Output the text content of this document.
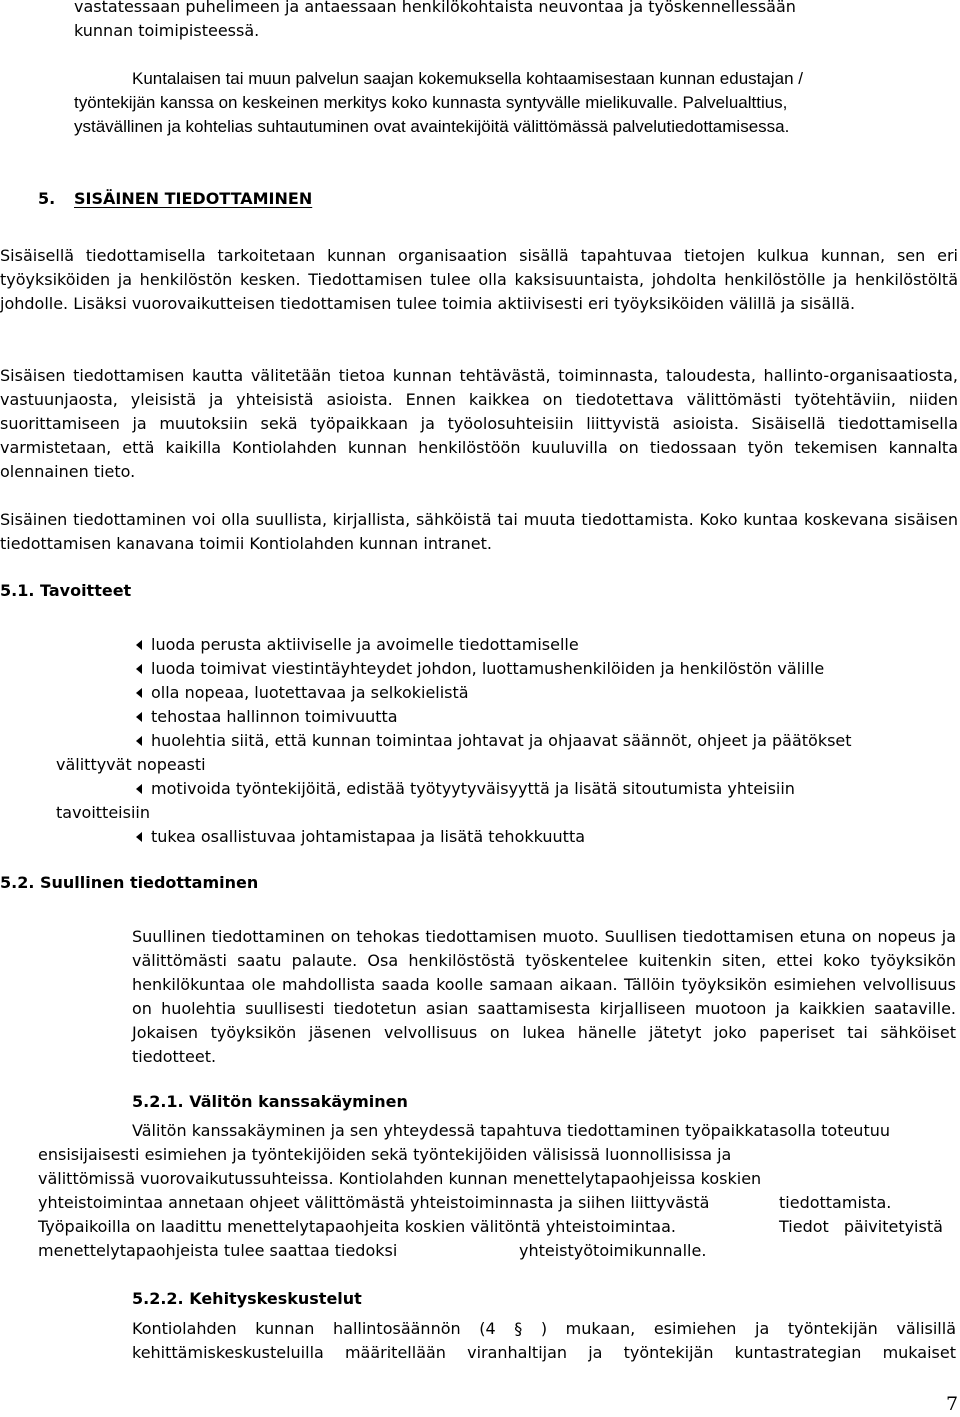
vastatessaan puhelimeen ja antaessaan henkilökohtaista neuvontaa ja työskennellessään

kunnan toimipisteessä.

Kuntalaisen tai muun palvelun saajan kokemuksella kohtaamisestaan kunnan edustajan /

työntekijän kanssa on keskeinen merkitys koko kunnasta syntyvälle mielikuvalle. Palvelualttius, ystävällinen ja kohtelias suhtautuminen ovat avaintekijöitä välittömässä palvelutiedottamisessa.

5. SISÄINEN TIEDOTTAMINEN

Sisäisellä tiedottamisella tarkoitetaan kunnan organisaation sisällä tapahtuvaa tietojen kulkua kunnan, sen eri työyksiköiden ja henkilöstön kesken. Tiedottamisen tulee olla kaksisuuntaista, johdolta henkilöstölle ja henkilöstöltä johdolle. Lisäksi vuorovaikutteisen tiedottamisen tulee toimia aktiivisesti eri työyksiköiden välillä ja sisällä.

Sisäisen tiedottamisen kautta välitetään tietoa kunnan tehtävästä, toiminnasta, taloudesta, hallinto-organisaatiosta, vastuunjaosta, yleisistä ja yhteisistä asioista. Ennen kaikkea on tiedotettava välittömästi työtehtäviin, niiden suorittamiseen ja muutoksiin sekä työpaikkaan ja työolosuhteisiin liittyvistä asioista. Sisäisellä tiedottamisella varmistetaan, että kaikilla Kontiolahden kunnan henkilöstöön kuuluvilla on tiedossaan työn tekemisen kannalta olennainen tieto.

Sisäinen tiedottaminen voi olla suullista, kirjallista, sähköistä tai muuta tiedottamista. Koko kuntaa koskevana sisäisen tiedottamisen kanavana toimii Kontiolahden kunnan intranet.

5.1. Tavoitteet
luoda perusta aktiiviselle ja avoimelle tiedottamiselle
luoda toimivat viestintäyhteydet johdon, luottamushenkilöiden ja henkilöstön välille
olla nopeaa, luotettavaa ja selkokielistä
tehostaa hallinnon toimivuutta
huolehtia siitä, että kunnan toimintaa johtavat ja ohjaavat säännöt, ohjeet ja päätökset
välittyvät nopeasti
motivoida työntekijöitä, edistää työtyytyväisyyttä ja lisätä sitoutumista yhteisiin
tavoitteisiin
tukea osallistuvaa johtamistapaa ja lisätä tehokkuutta
5.2. Suullinen tiedottaminen

Suullinen tiedottaminen on tehokas tiedottamisen muoto. Suullisen tiedottamisen etuna on nopeus ja välittömästi saatu palaute. Osa henkilöstöstä työskentelee kuitenkin siten, ettei koko työyksikön henkilökuntaa ole mahdollista saada koolle samaan aikaan. Tällöin työyksikön esimiehen velvollisuus on huolehtia suullisesti tiedotetun asian saattamisesta kirjalliseen muotoon ja kaikkien saataville. Jokaisen työyksikön jäsenen velvollisuus on lukea hänelle jätetyt joko paperiset tai sähköiset tiedotteet.

5.2.1. Välitön kanssakäyminen
Välitön kanssakäyminen ja sen yhteydessä tapahtuva tiedottaminen työpaikkatasolla toteutuu
ensisijaisesti esimiehen ja työntekijöiden sekä työntekijöiden välisissä luonnollisissa ja
välittömissä vuorovaikutussuhteissa. Kontiolahden kunnan menettelytapaohjeissa koskien
yhteistoimintaa annetaan ohjeet välittömästä yhteistoiminnasta ja siihen liittyvästä	tiedottamista.
Työpaikoilla on laadittu menettelytapaohjeita koskien välitöntä yhteistoimintaa.	Tiedot päivitetyistä
menettelytapaohjeista tulee saattaa tiedoksi	yhteistyötoimikunnalle.
5.2.2. Kehityskeskustelut

Kontiolahden kunnan hallintosäännön (4 § ) mukaan, esimiehen ja työntekijän välisillä kehittämiskeskusteluilla määritellään viranhaltijan ja työntekijän kuntastrategian mukaiset

7
